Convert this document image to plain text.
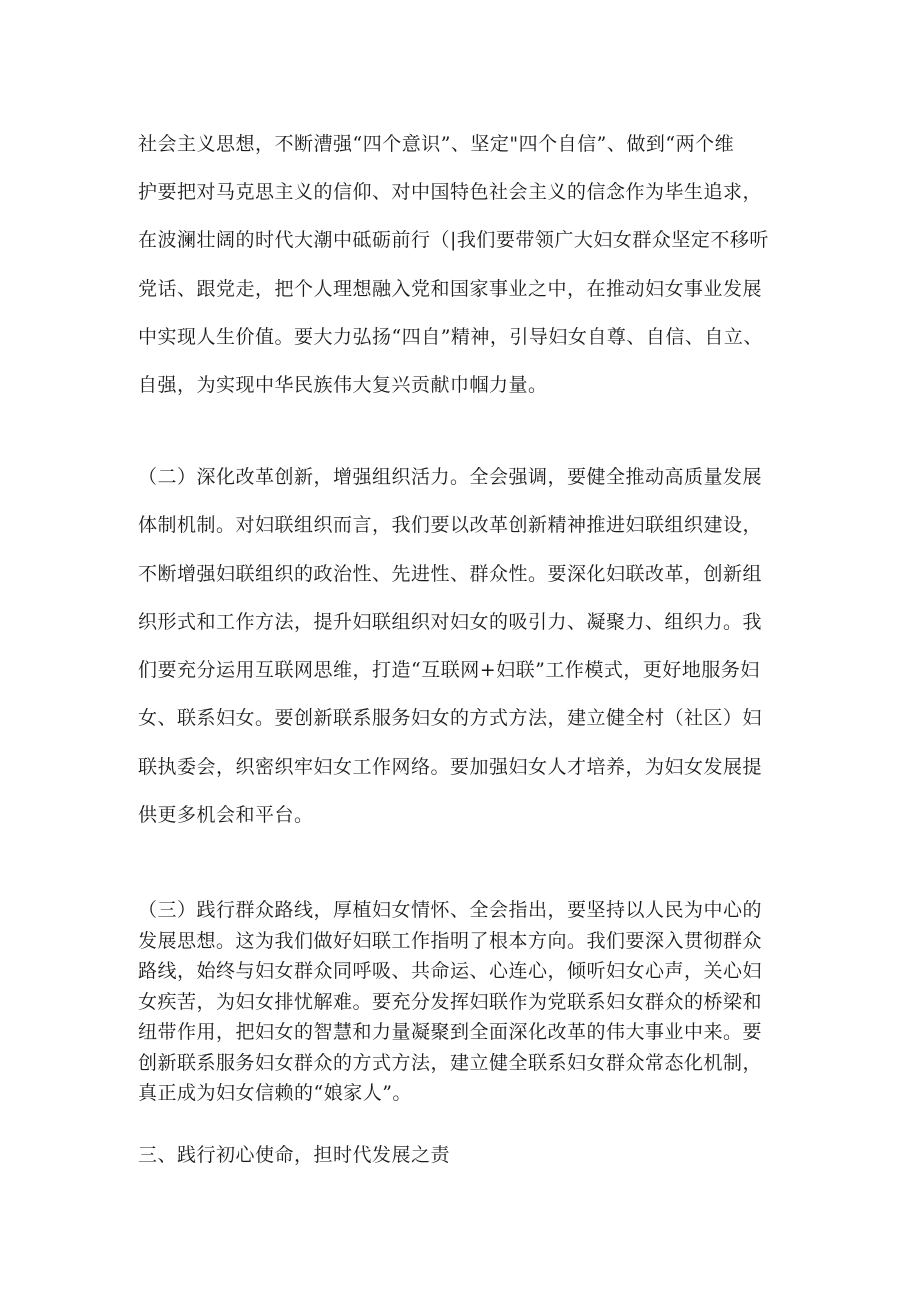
社会主义思想，不断漕强“四个意识”、坚定"四个自信”、做到“两个维
护要把对马克思主义的信仰、对中国特色社会主义的信念作为毕生追求，
在波澜壮阔的时代大潮中砥砺前行（|我们要带领广大妇女群众坚定不移听
党话、跟党走，把个人理想融入党和国家事业之中，在推动妇女事业发展
中实现人生价值。要大力弘扬“四自”精神，引导妇女自尊、自信、自立、
自强，为实现中华民族伟大复兴贡献巾帼力量。
（二）深化改革创新，增强组织活力。全会强调，要健全推动高质量发展
体制机制。对妇联组织而言，我们要以改革创新精神推进妇联组织建设，
不断增强妇联组织的政治性、先进性、群众性。要深化妇联改革，创新组
织形式和工作方法，提升妇联组织对妇女的吸引力、凝聚力、组织力。我
们要充分运用互联网思维，打造“互联网+妇联”工作模式，更好地服务妇
女、联系妇女。要创新联系服务妇女的方式方法，建立健全村（社区）妇
联执委会，织密织牢妇女工作网络。要加强妇女人才培养，为妇女发展提
供更多机会和平台。
（三）践行群众路线，厚植妇女情怀、全会指出，要坚持以人民为中心的
发展思想。这为我们做好妇联工作指明了根本方向。我们要深入贯彻群众
路线，始终与妇女群众同呼吸、共命运、心连心，倾听妇女心声，关心妇
女疾苦，为妇女排忧解难。要充分发挥妇联作为党联系妇女群众的桥梁和
纽带作用，把妇女的智慧和力量凝聚到全面深化改革的伟大事业中来。要
创新联系服务妇女群众的方式方法，建立健全联系妇女群众常态化机制，
真正成为妇女信赖的“娘家人”。
三、践行初心使命，担时代发展之责
